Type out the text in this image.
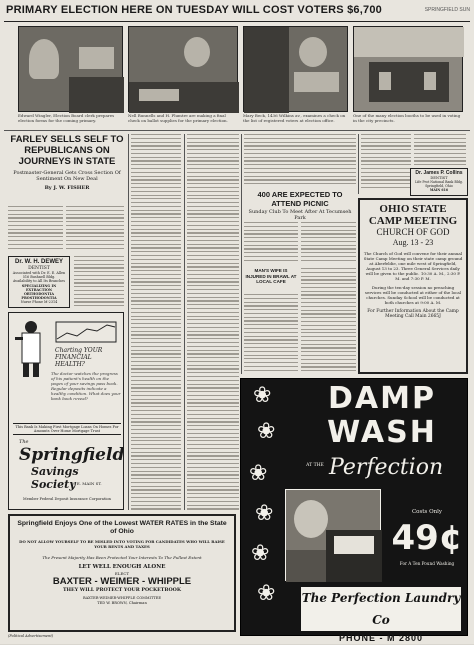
PRIMARY ELECTION HERE ON TUESDAY WILL COST VOTERS $6,700	SPRINGFIELD SUN
Edward Wingler, Election Board clerk prepares election forms for the coming primary.
Nell Runnells and H. Plumtre are making a final check on ballot supplies for the primary election.
Mary Beck, 1436 Wilkins av., examines a check on the list of registered voters at election office.
One of the many election booths to be used in voting in the city precincts.
FARLEY SELLS SELF TO REPUBLICANS ON JOURNEYS IN STATE
Postmaster-General Gets Cross Section Of Sentiment On New Deal
By J. W. FISHER
Dr. W. H. DEWEY
DENTIST
Associated with Dr. E. E. Allen
516 Bushnell Bldg.
Availability to All Its Branches
SPECIALIZING IN
EXTRACTION
ORTHODONTIA
PROSTHODONTIA
Nurse Phone M-2314
Charting YOUR FINANCIAL HEALTH?
The doctor watches the progress of his patient's health on the pages of your savings pass book. Regular deposits indicate a healthy condition. What does your bank book reveal?
This Bank Is Making First Mortgage Loans On Homes For Amounts Over Home Mortgage Trust
The
Springfield
Savings Society
9 E. MAIN ST.
Member Federal Deposit Insurance Corporation
Springfield Enjoys One of the Lowest WATER RATES in the State of Ohio
DO NOT ALLOW YOURSELF TO BE MISLED INTO VOTING FOR CANDIDATES WHO WILL RAISE YOUR RENTS AND TAXES
The Present Majority Has Been Protected Your Interests To The Fullest Extent
LET WELL ENOUGH ALONE
ELECT
BAXTER - WEIMER - WHIPPLE
THEY WILL PROTECT YOUR POCKETBOOK
BAXTER-WEIMER-WHIPPLE COMMITTEE
TED W. BROWN, Chairman
(Political Advertisement)
400 ARE EXPECTED TO ATTEND PICNIC
Sunday Club To Meet After At Tecumseh Park
MAN'S WIFE IS INJURED IN BRAWL AT LOCAL CAFE
Dr. James P. Collins
DENTIST
Life Prot National Bank Bldg.
Springfield, Ohio
MAIN 616
OHIO STATE
CAMP MEETING
CHURCH OF GOD
Aug. 13 - 23
The Church of God will convene for their annual State Camp Meeting on their state camp ground at Aberfeldie, one mile west of Springfield, August 13 to 23. Three General Services daily will be given to the public. 10:30 A. M., 2:30 P. M. and 7:30 P. M.
During the ten-day session no preaching services will be conducted at either of the local churches. Sunday School will be conducted at both churches at 9:00 A. M.
For Further Information About the Camp Meeting Call Main 2665J
❀
❀
❀
❀
❀
❀
DAMP
WASH
AT THE Perfection
Costs Only
49¢
For A Ten Pound Washing
The Perfection Laundry Co
PHONE - M 2800
